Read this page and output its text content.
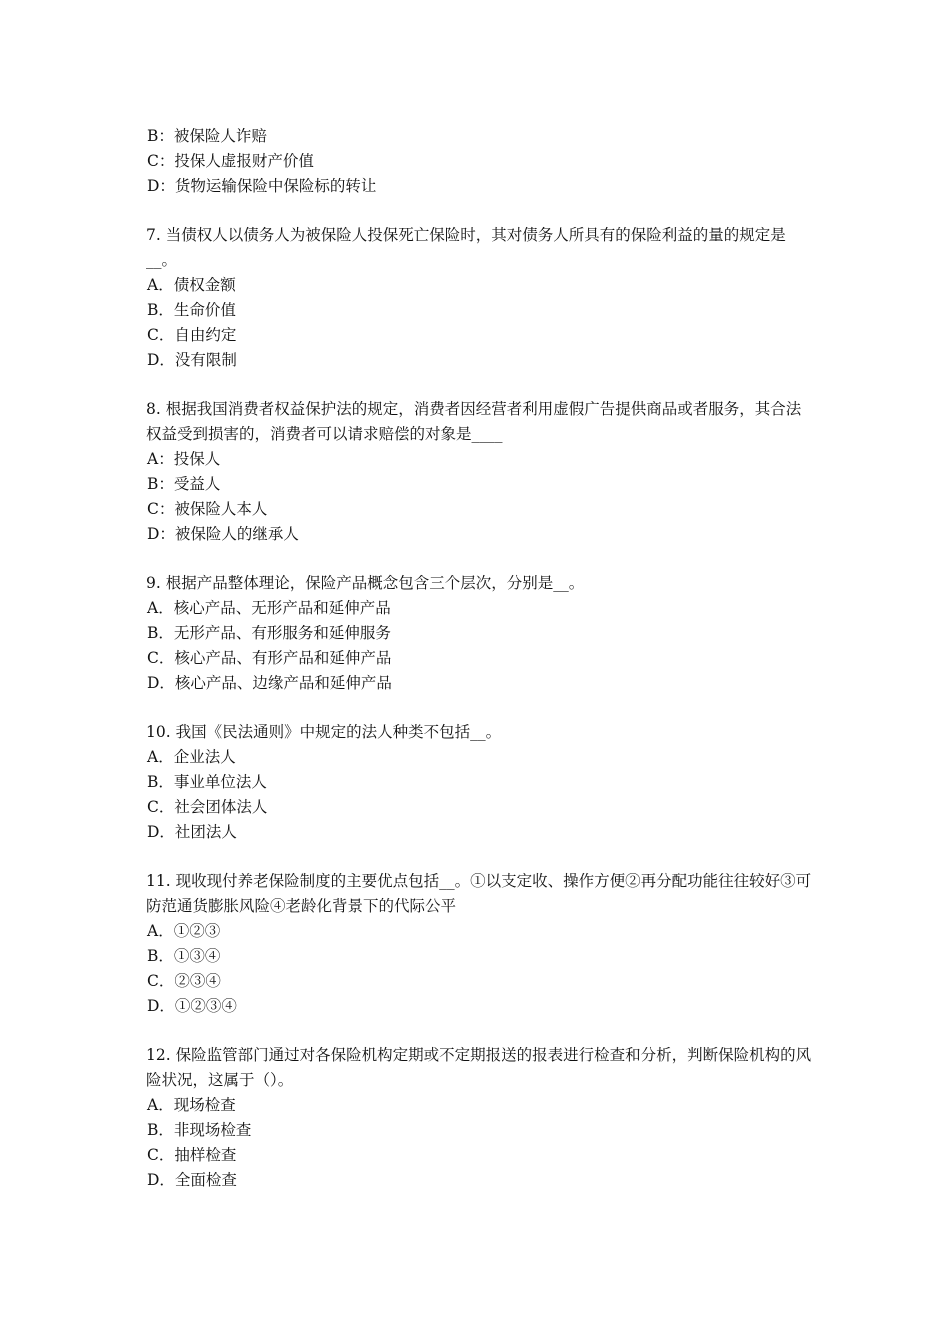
B：被保险人诈赔
C：投保人虚报财产价值
D：货物运输保险中保险标的转让

7. 当债权人以债务人为被保险人投保死亡保险时，其对债务人所具有的保险利益的量的规定是__。

A．债权金额
B．生命价值
C．自由约定
D．没有限制

8. 根据我国消费者权益保护法的规定，消费者因经营者利用虚假广告提供商品或者服务，其合法权益受到损害的，消费者可以请求赔偿的对象是____

A：投保人
B：受益人
C：被保险人本人
D：被保险人的继承人

9. 根据产品整体理论，保险产品概念包含三个层次，分别是__。

A．核心产品、无形产品和延伸产品
B．无形产品、有形服务和延伸服务
C．核心产品、有形产品和延伸产品
D．核心产品、边缘产品和延伸产品

10. 我国《民法通则》中规定的法人种类不包括__。

A．企业法人
B．事业单位法人
C．社会团体法人
D．社团法人

11. 现收现付养老保险制度的主要优点包括__。①以支定收、操作方便②再分配功能往往较好③可防范通货膨胀风险④老龄化背景下的代际公平

A．①②③
B．①③④
C．②③④
D．①②③④

12. 保险监管部门通过对各保险机构定期或不定期报送的报表进行检查和分析，判断保险机构的风险状况，这属于（）。

A．现场检查
B．非现场检查
C．抽样检查
D．全面检查
